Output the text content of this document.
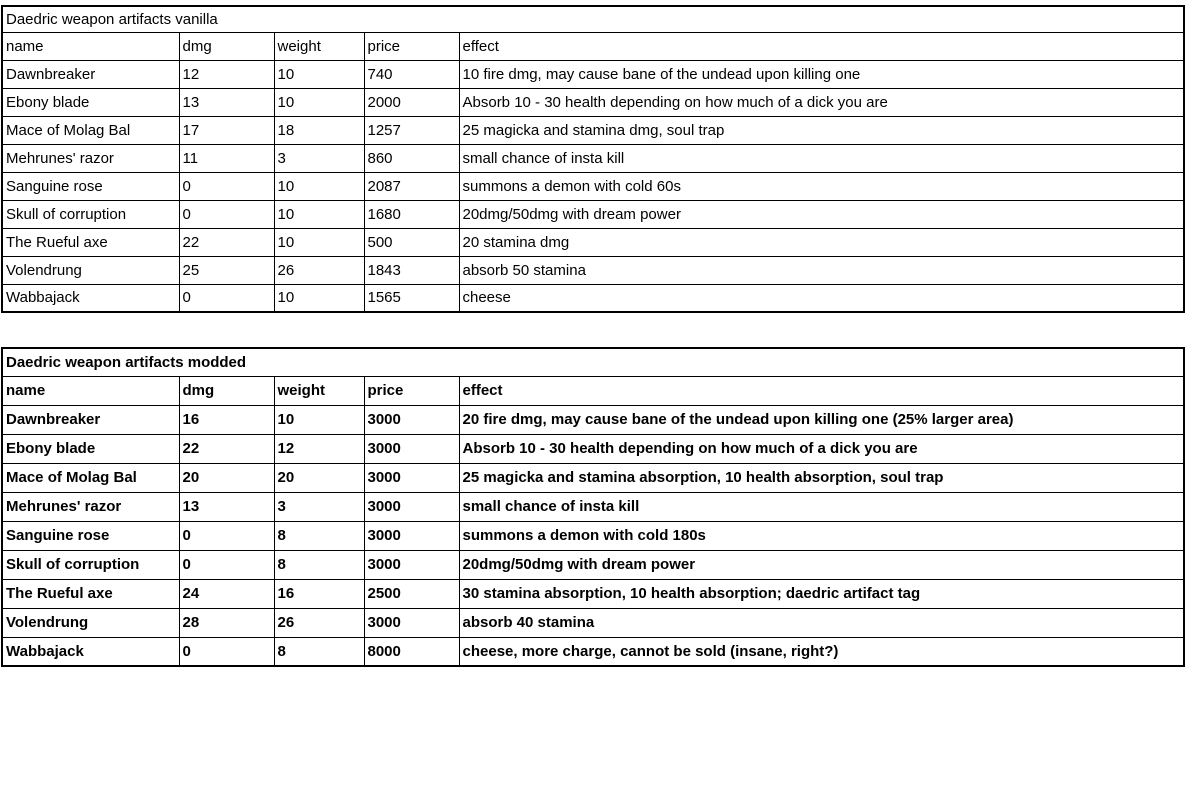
Daedric weapon artifacts vanilla				
name	dmg	weight	price	effect
Dawnbreaker	12	10	740	10 fire dmg, may cause bane of the undead upon killing one
Ebony blade	13	10	2000	Absorb 10 - 30 health depending on how much of a dick you are
Mace of Molag Bal	17	18	1257	25 magicka and stamina dmg, soul trap
Mehrunes' razor	11	3	860	small chance of insta kill
Sanguine rose	0	10	2087	summons a demon with cold 60s
Skull of corruption	0	10	1680	20dmg/50dmg with dream power
The Rueful axe	22	10	500	20 stamina dmg
Volendrung	25	26	1843	absorb 50 stamina
Wabbajack	0	10	1565	cheese
Daedric weapon artifacts modded				
name	dmg	weight	price	effect
Dawnbreaker	16	10	3000	20 fire dmg, may cause bane of the undead upon killing one (25% larger area)
Ebony blade	22	12	3000	Absorb 10 - 30 health depending on how much of a dick you are
Mace of Molag Bal	20	20	3000	25 magicka and stamina absorption, 10 health absorption, soul trap
Mehrunes' razor	13	3	3000	small chance of insta kill
Sanguine rose	0	8	3000	summons a demon with cold 180s
Skull of corruption	0	8	3000	20dmg/50dmg with dream power
The Rueful axe	24	16	2500	30 stamina absorption, 10 health absorption; daedric artifact tag
Volendrung	28	26	3000	absorb 40 stamina
Wabbajack	0	8	8000	cheese, more charge, cannot be sold (insane, right?)
